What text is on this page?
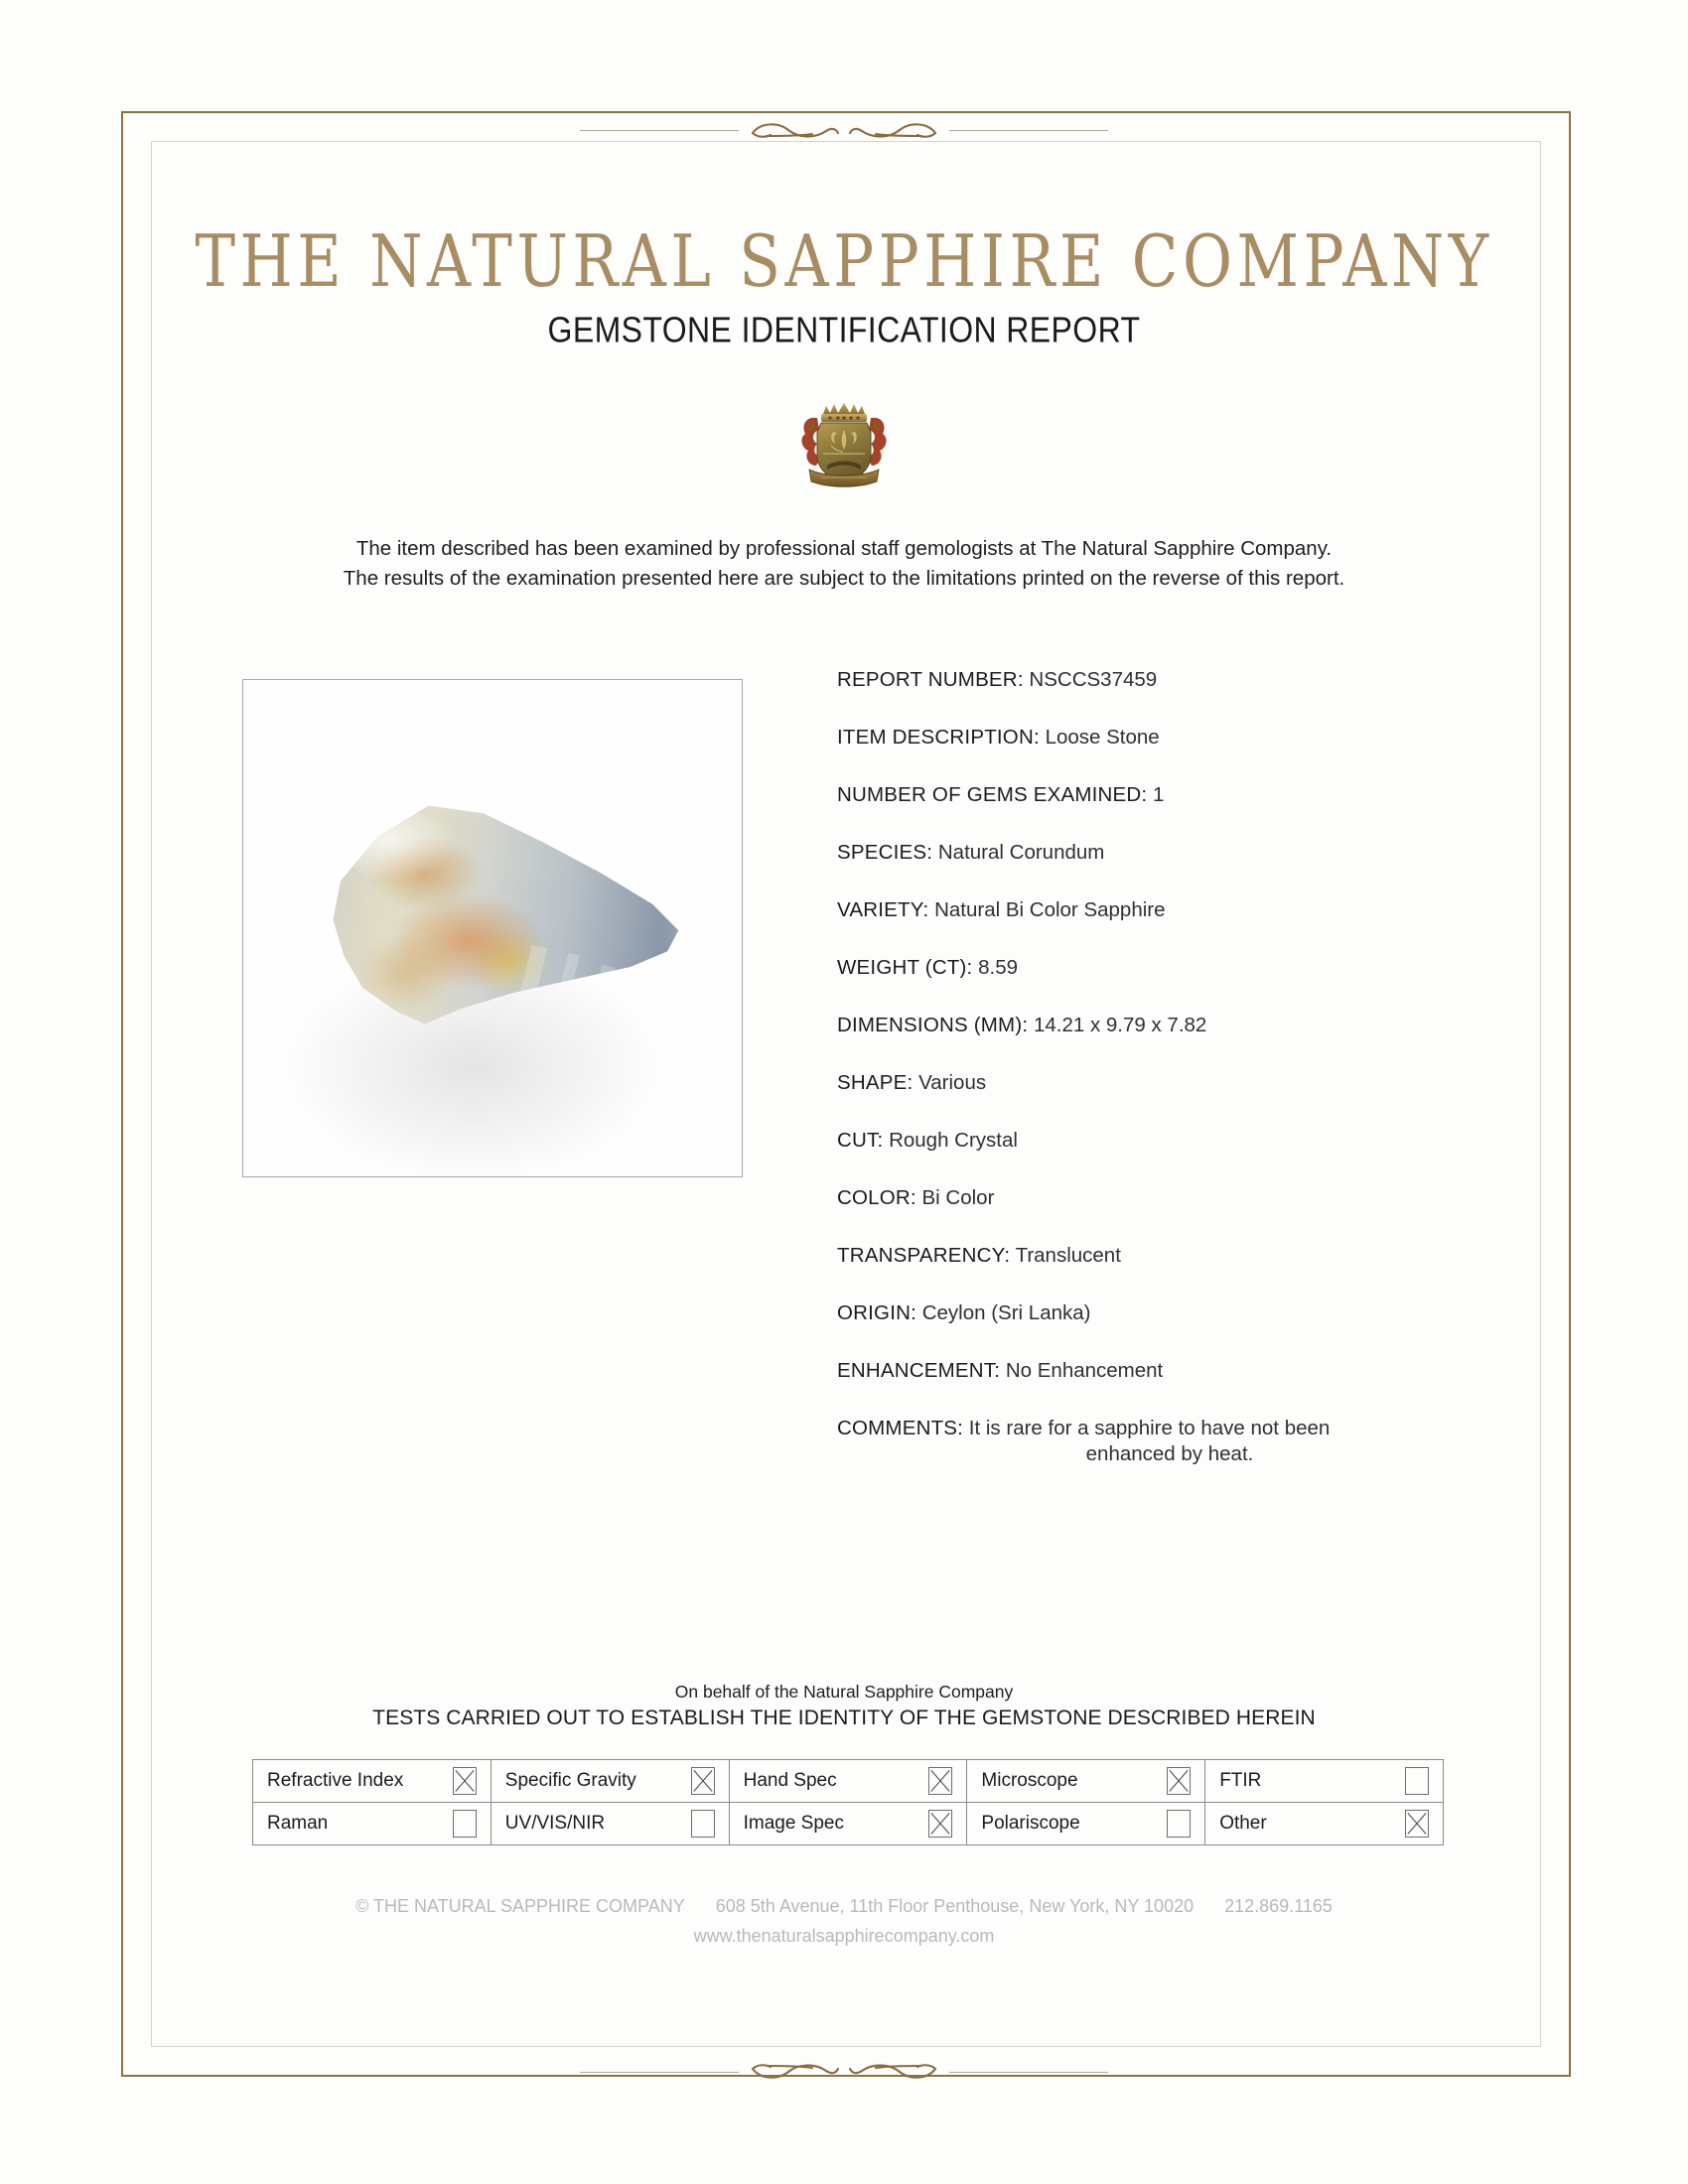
THE NATURAL SAPPHIRE COMPANY
GEMSTONE IDENTIFICATION REPORT
The item described has been examined by professional staff gemologists at The Natural Sapphire Company.
The results of the examination presented here are subject to the limitations printed on the reverse of this report.
REPORT NUMBER: NSCCS37459
ITEM DESCRIPTION: Loose Stone
NUMBER OF GEMS EXAMINED: 1
SPECIES: Natural Corundum
VARIETY: Natural Bi Color Sapphire
WEIGHT (CT): 8.59
DIMENSIONS (MM): 14.21 x 9.79 x 7.82
SHAPE: Various
CUT: Rough Crystal
COLOR: Bi Color
TRANSPARENCY: Translucent
ORIGIN: Ceylon (Sri Lanka)
ENHANCEMENT: No Enhancement
COMMENTS: It is rare for a sapphire to have not been
enhanced by heat.
On behalf of the Natural Sapphire Company
TESTS CARRIED OUT TO ESTABLISH THE IDENTITY OF THE GEMSTONE DESCRIBED HEREIN
Refractive Index	Specific Gravity	Hand Spec	Microscope	FTIR

Raman	UV/VIS/NIR	Image Spec	Polariscope	Other
© THE NATURAL SAPPHIRE COMPANY 608 5th Avenue, 11th Floor Penthouse, New York, NY 10020 212.869.1165
www.thenaturalsapphirecompany.com
